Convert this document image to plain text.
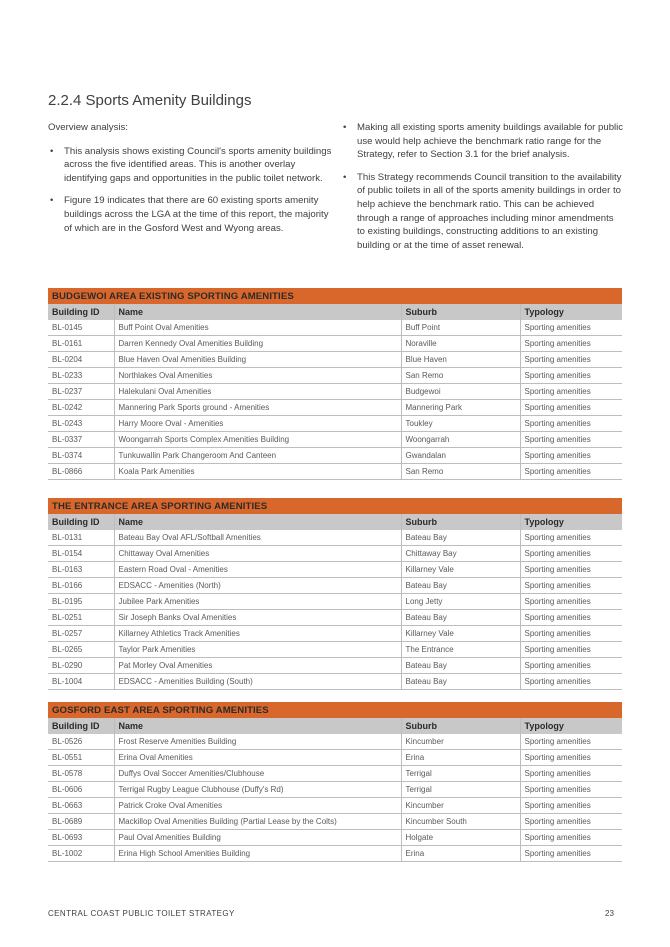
2.2.4 Sports Amenity Buildings

Overview analysis:

• This analysis shows existing Council's sports amenity buildings across the five identified areas. This is another overlay identifying gaps and opportunities in the public toilet network.
• Figure 19 indicates that there are 60 existing sports amenity buildings across the LGA at the time of this report, the majority of which are in the Gosford West and Wyong areas.
• Making all existing sports amenity buildings available for public use would help achieve the benchmark ratio range for the Strategy, refer to Section 3.1 for the brief analysis.
• This Strategy recommends Council transition to the availability of public toilets in all of the sports amenity buildings in order to help achieve the benchmark ratio. This can be achieved through a range of approaches including minor amendments to existing buildings, constructing additions to an existing building or at the time of asset renewal.
BUDGEWOI AREA EXISTING SPORTING AMENITIES			
Building ID	Name	Suburb	Typology
BL-0145	Buff Point Oval Amenities	Buff Point	Sporting amenities
BL-0161	Darren Kennedy Oval Amenities Building	Noraville	Sporting amenities
BL-0204	Blue Haven Oval Amenities Building	Blue Haven	Sporting amenities
BL-0233	Northlakes Oval Amenities	San Remo	Sporting amenities
BL-0237	Halekulani Oval Amenities	Budgewoi	Sporting amenities
BL-0242	Mannering Park Sports ground - Amenities	Mannering Park	Sporting amenities
BL-0243	Harry Moore Oval - Amenities	Toukley	Sporting amenities
BL-0337	Woongarrah Sports Complex Amenities Building	Woongarrah	Sporting amenities
BL-0374	Tunkuwallin Park Changeroom And Canteen	Gwandalan	Sporting amenities
BL-0866	Koala Park Amenities	San Remo	Sporting amenities
THE ENTRANCE AREA SPORTING AMENITIES			
Building ID	Name	Suburb	Typology
BL-0131	Bateau Bay Oval AFL/Softball Amenities	Bateau Bay	Sporting amenities
BL-0154	Chittaway Oval Amenities	Chittaway Bay	Sporting amenities
BL-0163	Eastern Road Oval - Amenities	Killarney Vale	Sporting amenities
BL-0166	EDSACC - Amenities (North)	Bateau Bay	Sporting amenities
BL-0195	Jubilee Park Amenities	Long Jetty	Sporting amenities
BL-0251	Sir Joseph Banks Oval Amenities	Bateau Bay	Sporting amenities
BL-0257	Killarney Athletics Track Amenities	Killarney Vale	Sporting amenities
BL-0265	Taylor Park Amenities	The Entrance	Sporting amenities
BL-0290	Pat Morley Oval Amenities	Bateau Bay	Sporting amenities
BL-1004	EDSACC - Amenities Building (South)	Bateau Bay	Sporting amenities
GOSFORD EAST AREA SPORTING AMENITIES			
Building ID	Name	Suburb	Typology
BL-0526	Frost Reserve Amenities Building	Kincumber	Sporting amenities
BL-0551	Erina Oval Amenities	Erina	Sporting amenities
BL-0578	Duffys Oval Soccer Amenities/Clubhouse	Terrigal	Sporting amenities
BL-0606	Terrigal Rugby League Clubhouse (Duffy's Rd)	Terrigal	Sporting amenities
BL-0663	Patrick Croke Oval Amenities	Kincumber	Sporting amenities
BL-0689	Mackillop Oval Amenities Building (Partial Lease by the Colts)	Kincumber South	Sporting amenities
BL-0693	Paul Oval Amenities Building	Holgate	Sporting amenities
BL-1002	Erina High School Amenities Building	Erina	Sporting amenities
CENTRAL COAST PUBLIC TOILET STRATEGY	23
